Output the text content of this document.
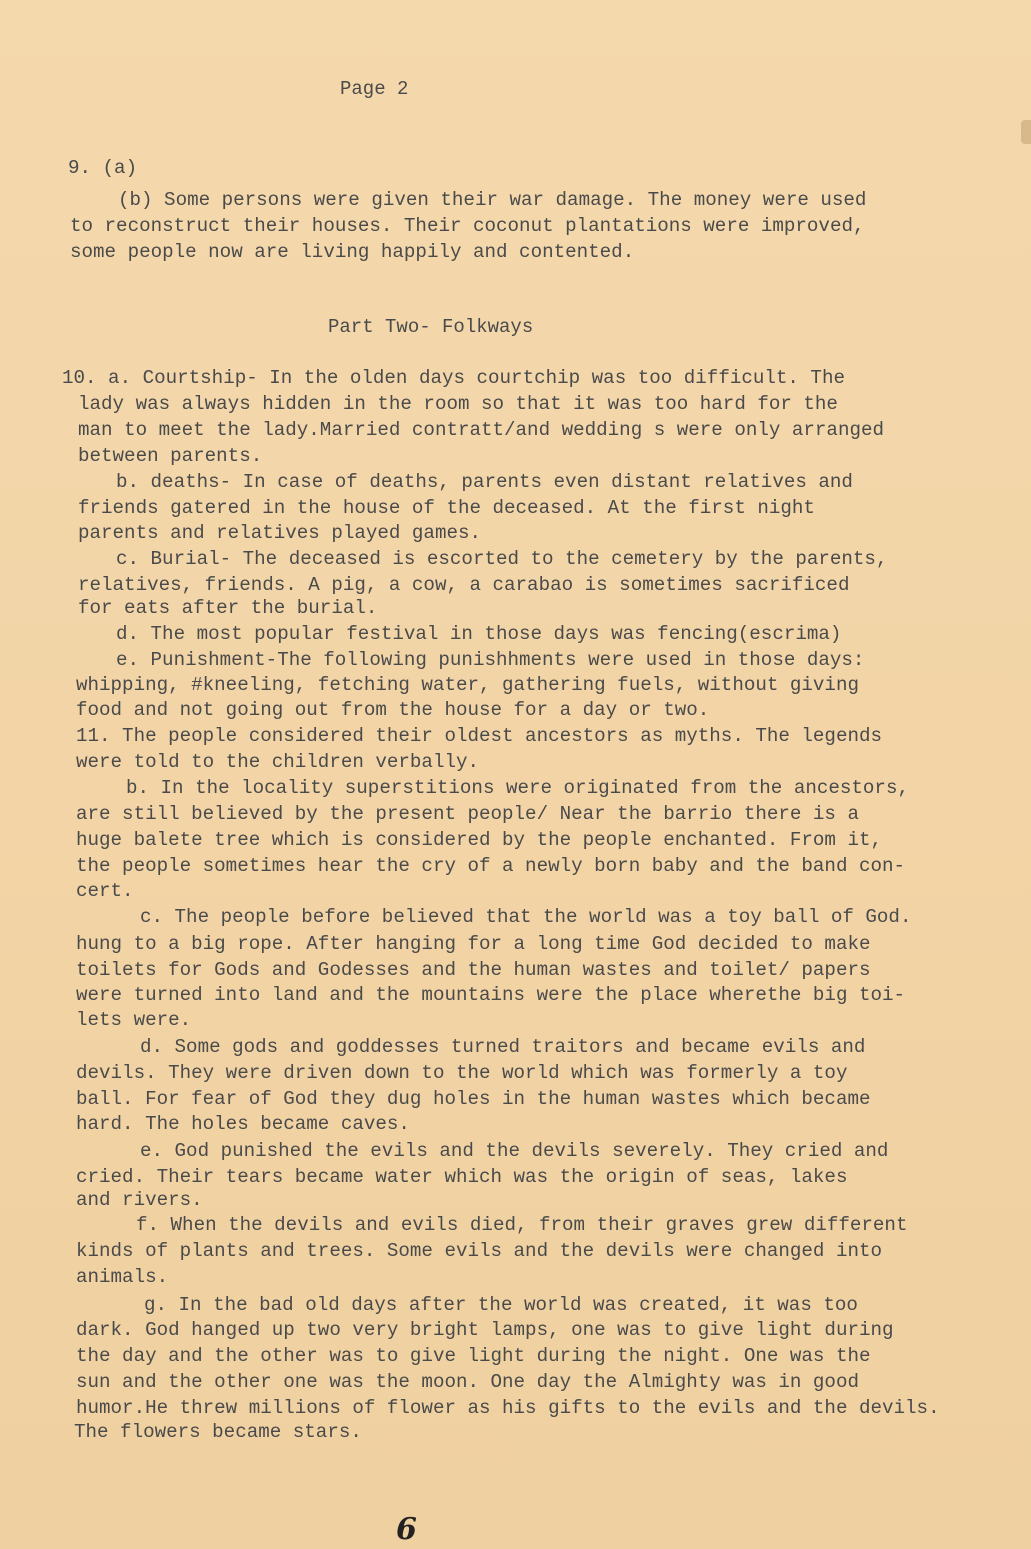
Page 2
9. (a)
(b) Some persons were given their war damage. The money were used
to reconstruct their houses. Their coconut plantations were improved,
some people now are living happily and contented.
Part Two- Folkways
10. a. Courtship- In the olden days courtchip was too difficult. The
lady was always hidden in the room so that it was too hard for the
man to meet the lady.Married contratt/and wedding s were only arranged
between parents.
b. deaths- In case of deaths, parents even distant relatives and
friends gatered in the house of the deceased. At the first night
parents and relatives played games.
c. Burial- The deceased is escorted to the cemetery by the parents,
relatives, friends. A pig, a cow, a carabao is sometimes sacrificed
for eats after the burial.
d. The most popular festival in those days was fencing(escrima)
e. Punishment-The following punishhments were used in those days:
whipping, #kneeling, fetching water, gathering fuels, without giving
food and not going out from the house for a day or two.
11. The people considered their oldest ancestors as myths. The legends
were told to the children verbally.
b. In the locality superstitions were originated from the ancestors,
are still believed by the present people/ Near the barrio there is a
huge balete tree which is considered by the people enchanted. From it,
the people sometimes hear the cry of a newly born baby and the band con-
cert.
c. The people before believed that the world was a toy ball of God.
hung to a big rope. After hanging for a long time God decided to make
toilets for Gods and Godesses and the human wastes and toilet/ papers
were turned into land and the mountains were the place wherethe big toi-
lets were.
d. Some gods and goddesses turned traitors and became evils and
devils. They were driven down to the world which was formerly a toy
ball. For fear of God they dug holes in the human wastes which became
hard. The holes became caves.
e. God punished the evils and the devils severely. They cried and
cried. Their tears became water which was the origin of seas, lakes
and rivers.
f. When the devils and evils died, from their graves grew different
kinds of plants and trees. Some evils and the devils were changed into
animals.
g. In the bad old days after the world was created, it was too
dark. God hanged up two very bright lamps, one was to give light during
the day and the other was to give light during the night. One was the
sun and the other one was the moon. One day the Almighty was in good
humor.He threw millions of flower as his gifts to the evils and the devils.
The flowers became stars.
6
